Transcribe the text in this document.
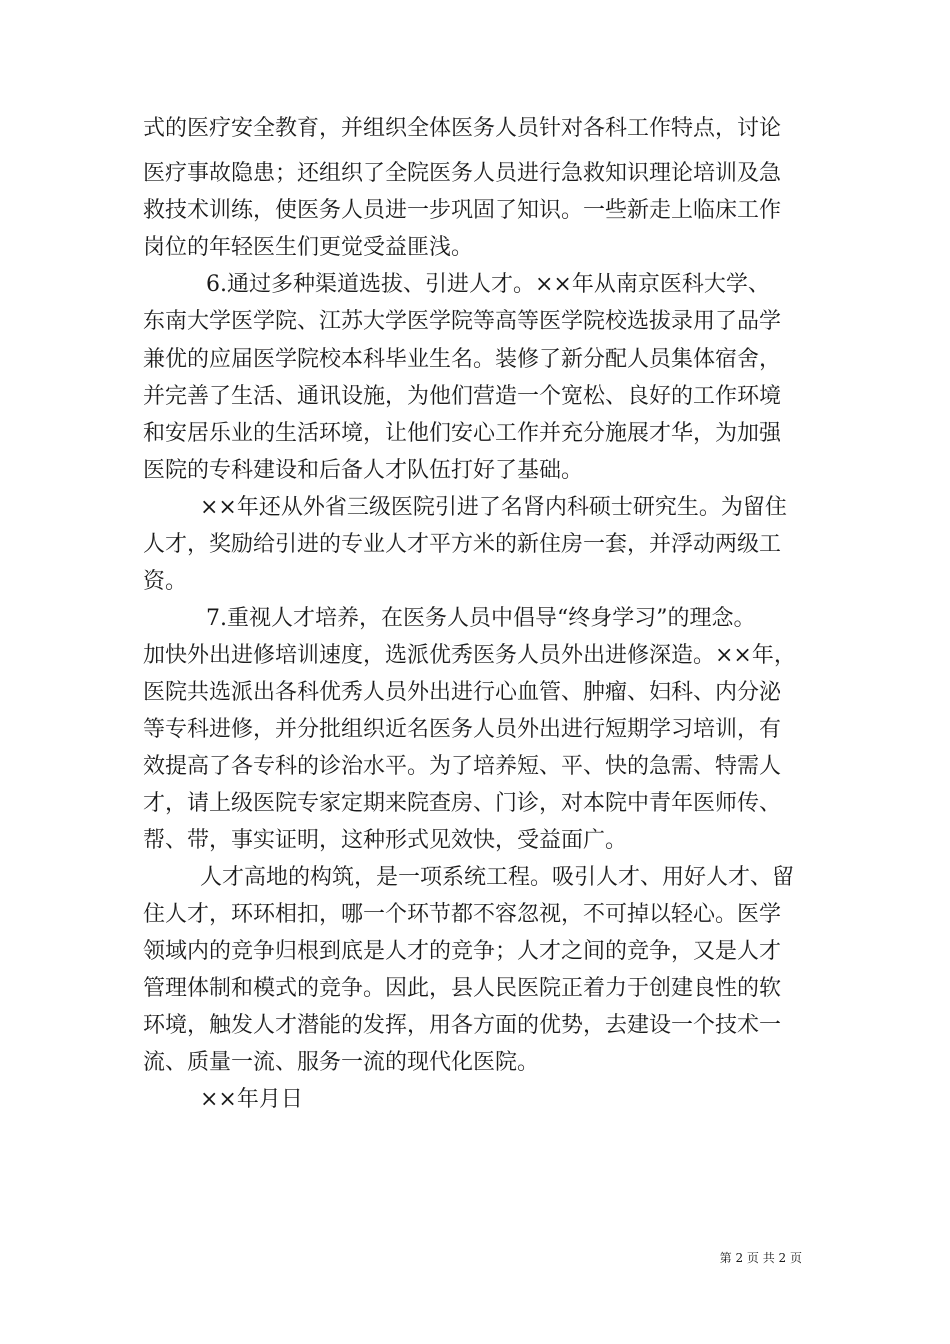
式的医疗安全教育，并组织全体医务人员针对各科工作特点，讨论

医疗事故隐患；还组织了全院医务人员进行急救知识理论培训及急

救技术训练，使医务人员进一步巩固了知识。一些新走上临床工作

岗位的年轻医生们更觉受益匪浅。

6.通过多种渠道选拔、引进人才。××年从南京医科大学、

东南大学医学院、江苏大学医学院等高等医学院校选拔录用了品学

兼优的应届医学院校本科毕业生名。装修了新分配人员集体宿舍，

并完善了生活、通讯设施，为他们营造一个宽松、良好的工作环境

和安居乐业的生活环境，让他们安心工作并充分施展才华，为加强

医院的专科建设和后备人才队伍打好了基础。

××年还从外省三级医院引进了名肾内科硕士研究生。为留住

人才，奖励给引进的专业人才平方米的新住房一套，并浮动两级工

资。

7.重视人才培养，在医务人员中倡导“终身学习”的理念。

加快外出进修培训速度，选派优秀医务人员外出进修深造。××年，

医院共选派出各科优秀人员外出进行心血管、肿瘤、妇科、内分泌

等专科进修，并分批组织近名医务人员外出进行短期学习培训，有

效提高了各专科的诊治水平。为了培养短、平、快的急需、特需人

才，请上级医院专家定期来院查房、门诊，对本院中青年医师传、

帮、带，事实证明，这种形式见效快，受益面广。

人才高地的构筑，是一项系统工程。吸引人才、用好人才、留

住人才，环环相扣，哪一个环节都不容忽视，不可掉以轻心。医学

领域内的竞争归根到底是人才的竞争；人才之间的竞争，又是人才

管理体制和模式的竞争。因此，县人民医院正着力于创建良性的软

环境，触发人才潜能的发挥，用各方面的优势，去建设一个技术一

流、质量一流、服务一流的现代化医院。

××年月日

第 2 页 共 2 页
